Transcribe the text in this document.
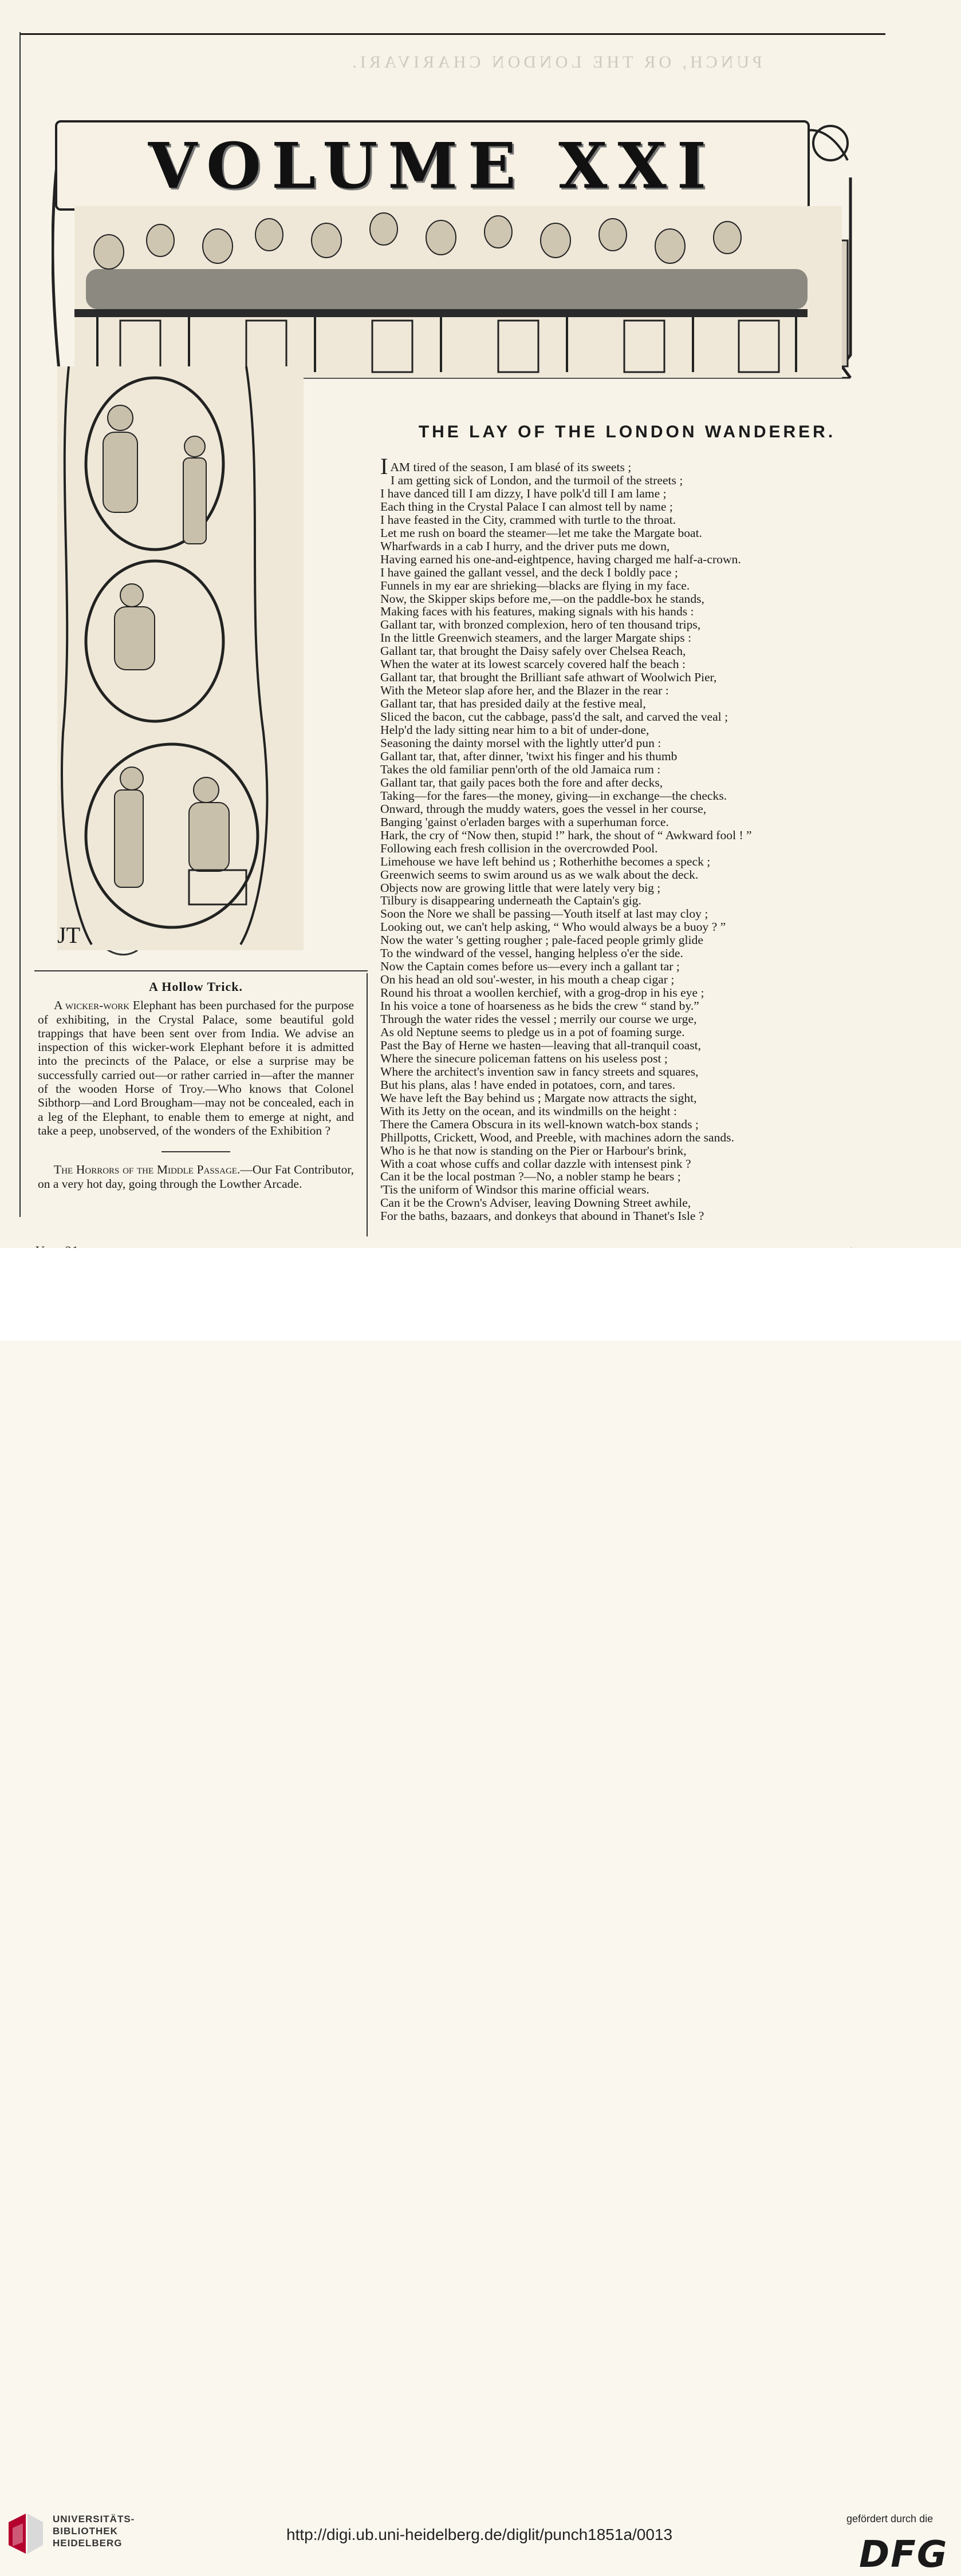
PUNCH, OR THE LONDON CHARIVARI.
VOLUME XXI
JT
THE LAY OF THE LONDON WANDERER.
IAM tired of the season, I am blasé of its sweets ;
I am getting sick of London, and the turmoil of the streets ;
I have danced till I am dizzy, I have polk'd till I am lame ;
Each thing in the Crystal Palace I can almost tell by name ;
I have feasted in the City, crammed with turtle to the throat.
Let me rush on board the steamer—let me take the Margate boat.
Wharfwards in a cab I hurry, and the driver puts me down,
Having earned his one-and-eightpence, having charged me half-a-crown.
I have gained the gallant vessel, and the deck I boldly pace ;
Funnels in my ear are shrieking—blacks are flying in my face.
Now, the Skipper skips before me,—on the paddle-box he stands,
Making faces with his features, making signals with his hands :
Gallant tar, with bronzed complexion, hero of ten thousand trips,
In the little Greenwich steamers, and the larger Margate ships :
Gallant tar, that brought the Daisy safely over Chelsea Reach,
When the water at its lowest scarcely covered half the beach :
Gallant tar, that brought the Brilliant safe athwart of Woolwich Pier,
With the Meteor slap afore her, and the Blazer in the rear :
Gallant tar, that has presided daily at the festive meal,
Sliced the bacon, cut the cabbage, pass'd the salt, and carved the veal ;
Help'd the lady sitting near him to a bit of under-done,
Seasoning the dainty morsel with the lightly utter'd pun :
Gallant tar, that, after dinner, 'twixt his finger and his thumb
Takes the old familiar penn'orth of the old Jamaica rum :
Gallant tar, that gaily paces both the fore and after decks,
Taking—for the fares—the money, giving—in exchange—the checks.
Onward, through the muddy waters, goes the vessel in her course,
Banging 'gainst o'erladen barges with a superhuman force.
Hark, the cry of “Now then, stupid !” hark, the shout of “ Awkward fool ! ”
Following each fresh collision in the overcrowded Pool.
Limehouse we have left behind us ; Rotherhithe becomes a speck ;
Greenwich seems to swim around us as we walk about the deck.
Objects now are growing little that were lately very big ;
Tilbury is disappearing underneath the Captain's gig.
Soon the Nore we shall be passing—Youth itself at last may cloy ;
Looking out, we can't help asking, “ Who would always be a buoy ? ”
Now the water 's getting rougher ; pale-faced people grimly glide
To the windward of the vessel, hanging helpless o'er the side.
Now the Captain comes before us—every inch a gallant tar ;
On his head an old sou'-wester, in his mouth a cheap cigar ;
Round his throat a woollen kerchief, with a grog-drop in his eye ;
In his voice a tone of hoarseness as he bids the crew “ stand by.”
Through the water rides the vessel ; merrily our course we urge,
As old Neptune seems to pledge us in a pot of foaming surge.
Past the Bay of Herne we hasten—leaving that all-tranquil coast,
Where the sinecure policeman fattens on his useless post ;
Where the architect's invention saw in fancy streets and squares,
But his plans, alas ! have ended in potatoes, corn, and tares.
We have left the Bay behind us ; Margate now attracts the sight,
With its Jetty on the ocean, and its windmills on the height :
There the Camera Obscura in its well-known watch-box stands ;
Phillpotts, Crickett, Wood, and Preeble, with machines adorn the sands.
Who is he that now is standing on the Pier or Harbour's brink,
With a coat whose cuffs and collar dazzle with intensest pink ?
Can it be the local postman ?—No, a nobler stamp he bears ;
'Tis the uniform of Windsor this marine official wears.
Can it be the Crown's Adviser, leaving Downing Street awhile,
For the baths, bazaars, and donkeys that abound in Thanet's Isle ?
A Hollow Trick.

A wicker-work Elephant has been purchased for the purpose of exhibiting, in the Crystal Palace, some beautiful gold trappings that have been sent over from India. We advise an inspection of this wicker-work Elephant before it is admitted into the precincts of the Palace, or else a surprise may be successfully carried out—or rather carried in—after the manner of the wooden Horse of Troy.—Who knows that Colonel Sibthorp—and Lord Brougham—may not be concealed, each in a leg of the Elephant, to enable them to emerge at night, and take a peep, unobserved, of the wonders of the Exhibition ?

The Horrors of the Middle Passage.—Our Fat Contributor, on a very hot day, going through the Lowther Arcade.

UNIVERSITÄTS-
BIBLIOTHEK
HEIDELBERG	http://digi.ub.uni-heidelberg.de/diglit/punch1851a/0013
gefördert durch die
DFG
